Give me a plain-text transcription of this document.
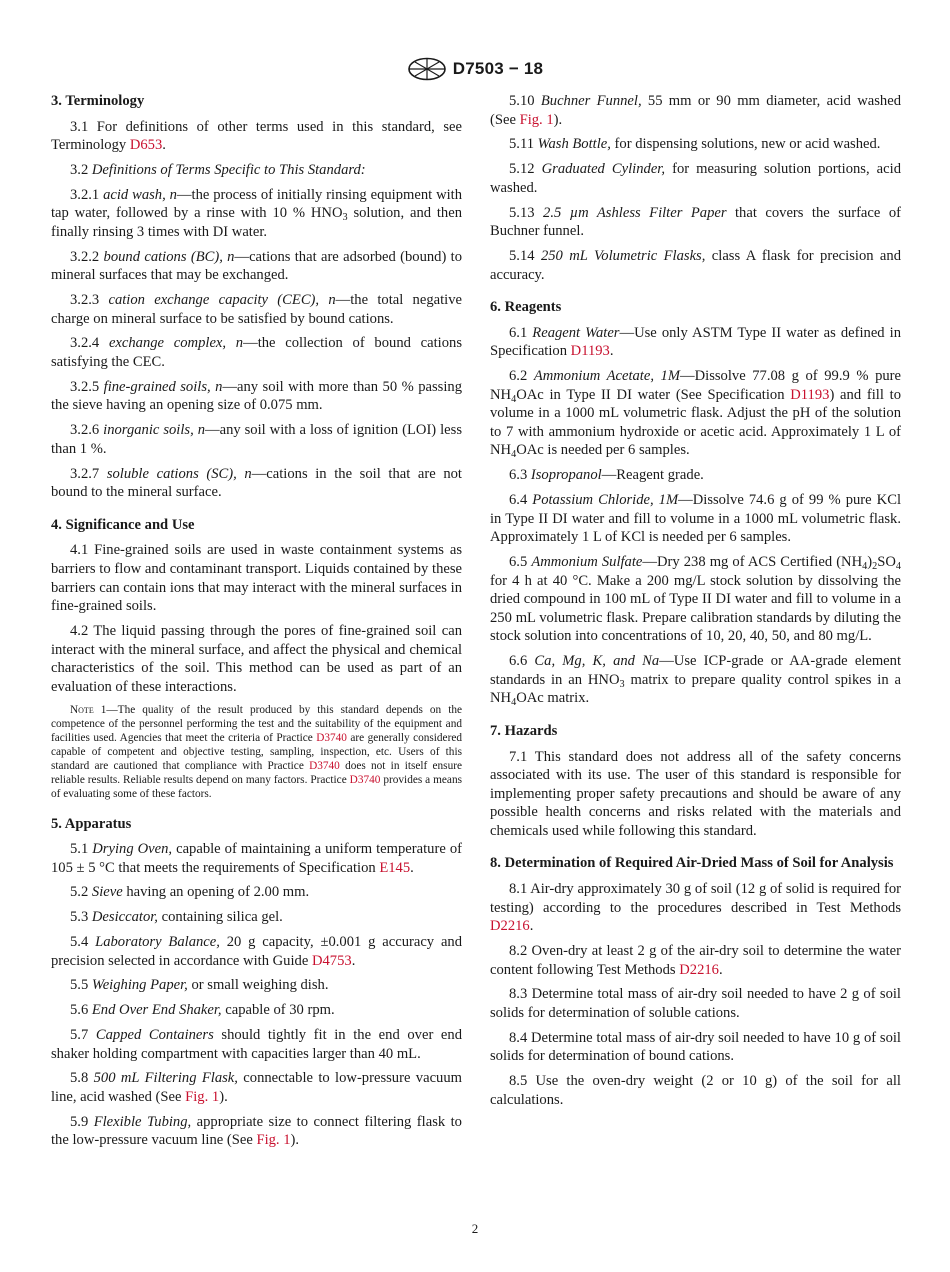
D7503 − 18
3. Terminology

3.1 For definitions of other terms used in this standard, see Terminology D653.

3.2 Definitions of Terms Specific to This Standard:

3.2.1 acid wash, n—the process of initially rinsing equipment with tap water, followed by a rinse with 10 % $HNO_3$ solution, and then finally rinsing 3 times with DI water.

3.2.2 bound cations (BC), n—cations that are adsorbed (bound) to mineral surfaces that may be exchanged.

3.2.3 cation exchange capacity (CEC), n—the total negative charge on mineral surface to be satisfied by bound cations.

3.2.4 exchange complex, n—the collection of bound cations satisfying the CEC.

3.2.5 fine-grained soils, n—any soil with more than 50 % passing the sieve having an opening size of 0.075 mm.

3.2.6 inorganic soils, n—any soil with a loss of ignition (LOI) less than 1 %.

3.2.7 soluble cations (SC), n—cations in the soil that are not bound to the mineral surface.

4. Significance and Use

4.1 Fine-grained soils are used in waste containment systems as barriers to flow and contaminant transport. Liquids contained by these barriers can contain ions that may interact with the mineral surfaces in fine-grained soils.

4.2 The liquid passing through the pores of fine-grained soil can interact with the mineral surface, and affect the physical and chemical characteristics of the soil. This method can be used as part of an evaluation of these interactions.

Note 1—The quality of the result produced by this standard depends on the competence of the personnel performing the test and the suitability of the equipment and facilities used. Agencies that meet the criteria of Practice D3740 are generally considered capable of competent and objective testing, sampling, inspection, etc. Users of this standard are cautioned that compliance with Practice D3740 does not in itself ensure reliable results. Reliable results depend on many factors. Practice D3740 provides a means of evaluating some of these factors.

5. Apparatus

5.1 Drying Oven, capable of maintaining a uniform temperature of 105 ± 5 °C that meets the requirements of Specification E145.

5.2 Sieve having an opening of 2.00 mm.

5.3 Desiccator, containing silica gel.

5.4 Laboratory Balance, 20 g capacity, ±0.001 g accuracy and precision selected in accordance with Guide D4753.

5.5 Weighing Paper, or small weighing dish.

5.6 End Over End Shaker, capable of 30 rpm.

5.7 Capped Containers should tightly fit in the end over end shaker holding compartment with capacities larger than 40 mL.

5.8 500 mL Filtering Flask, connectable to low-pressure vacuum line, acid washed (See Fig. 1).

5.9 Flexible Tubing, appropriate size to connect filtering flask to the low-pressure vacuum line (See Fig. 1).

5.10 Buchner Funnel, 55 mm or 90 mm diameter, acid washed (See Fig. 1).

5.11 Wash Bottle, for dispensing solutions, new or acid washed.

5.12 Graduated Cylinder, for measuring solution portions, acid washed.

5.13 2.5 µm Ashless Filter Paper that covers the surface of Buchner funnel.

5.14 250 mL Volumetric Flasks, class A flask for precision and accuracy.

6. Reagents

6.1 Reagent Water—Use only ASTM Type II water as defined in Specification D1193.

6.2 Ammonium Acetate, 1M—Dissolve 77.08 g of 99.9 % pure $NH_4OAc$ in Type II DI water (See Specification D1193) and fill to volume in a 1000 mL volumetric flask. Adjust the pH of the solution to 7 with ammonium hydroxide or acetic acid. Approximately 1 L of $NH_4OAc$ is needed per 6 samples.

6.3 Isopropanol—Reagent grade.

6.4 Potassium Chloride, 1M—Dissolve 74.6 g of 99 % pure KCl in Type II DI water and fill to volume in a 1000 mL volumetric flask. Approximately 1 L of KCl is needed per 6 samples.

6.5 Ammonium Sulfate—Dry 238 mg of ACS Certified $(NH_4)_2SO_4$ for 4 h at 40 °C. Make a 200 mg/L stock solution by dissolving the dried compound in 100 mL of Type II DI water and fill to volume in a 250 mL volumetric flask. Prepare calibration standards by diluting the stock solution into concentrations of 10, 20, 40, 50, and 80 mg/L.

6.6 Ca, Mg, K, and Na—Use ICP-grade or AA-grade element standards in an $HNO_3$ matrix to prepare quality control spikes in a $NH_4OAc$ matrix.

7. Hazards

7.1 This standard does not address all of the safety concerns associated with its use. The user of this standard is responsible for implementing proper safety precautions and should be aware of any possible health concerns and risks related with the materials and chemicals used while following this standard.

8. Determination of Required Air-Dried Mass of Soil for Analysis

8.1 Air-dry approximately 30 g of soil (12 g of solid is required for testing) according to the procedures described in Test Methods D2216.

8.2 Oven-dry at least 2 g of the air-dry soil to determine the water content following Test Methods D2216.

8.3 Determine total mass of air-dry soil needed to have 2 g of soil solids for determination of soluble cations.

8.4 Determine total mass of air-dry soil needed to have 10 g of soil solids for determination of bound cations.

8.5 Use the oven-dry weight (2 or 10 g) of the soil for all calculations.

2
